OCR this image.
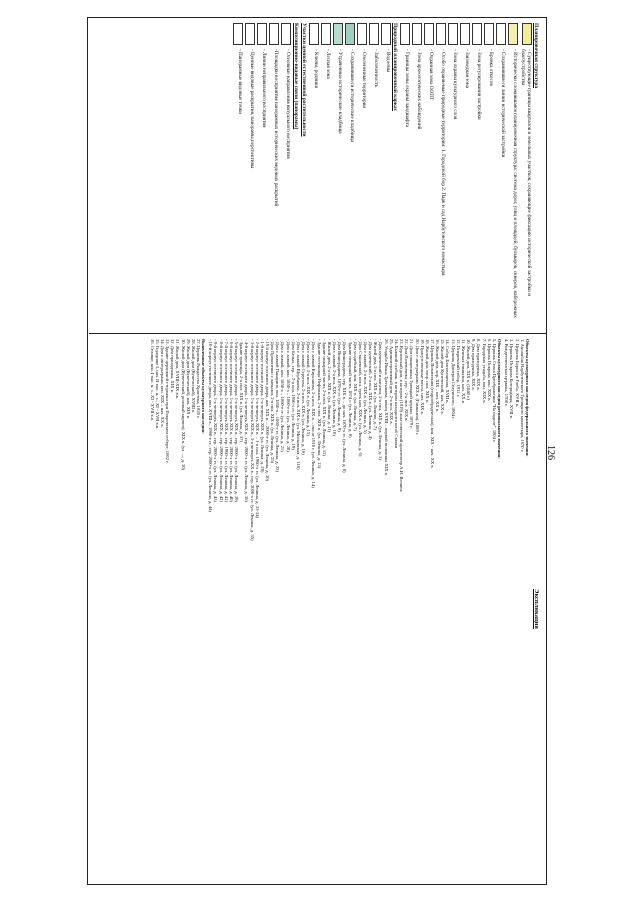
126
Планировочная структура
- Существующие границы кварталов и земельных участков, сохраняющие фиксацию исторической застройки и благоустройства
- Исторически сложившаяся планировочная структура: система дорог, улиц и площадей, бульваров, скверов, набережных
- Сохранившиеся линии исторической застройки
- Бровка откосов
- Зона регулирования застройки
- Заповедная зона
- Зона охраны культурного слоя
- Особо охраняемые природные территории: 1. Городской бор 2. Парк и сад Нарбутовского монастыря
- Охранная зона ООПТ
- Зона археологических наблюдений
- Границы зоны охраны ландшафта
Природный планировочный каркас
- Водоемы
- Заболоченность
- Озелененные территории
- Сохранившиеся исторические кладбища
- Утраченные исторические кладбища
- Лесная зона
- Ключи, родники
Участки ценной естественной растительности
Композиционно-видовые связи (панорамы)
- Основные направления визуального восприятия
-Площадки восприятия панорамных исторических видовых раскрытий
- Линии неправильного восприятия
- Ценные видовые раскрытия, панорамы,перспективы
- Панорамные видовые точки
Экспликация
Объекты культурного наследия федерального значения:
1. Ансамбль Нарбутовского Троицкого монастыря, 1670 г.
2. Церковь Бориса и Глеба, XVII в.
3. Церковь Покрова Богородицы, XVII в.
4. Рождественская церковь, 1708 г.
Объекты культурного наследия регионального значения:
5. Церковь Спаса Преображения "На подоле", 1804 г.
6. Церковь Покрова, кон. XIX в.
7. Городская усадьба, кон. XIX в.
8. Дом приходчика, XIX в.
9. Дом приходчика, XIX в.
10. Жилой дом, XIX в. (1840 г.)
11. Женская гимназия, нач. XX в.
12. Покровский собор, 1912 г.
13. Церковь Дмитрия Солунского, 1804 г.
14. Собор Благовещения, XVII в.
15. Жилой дом Купеческий, нач. XX в.
16. Жилой дом, кор. XIX – нач. XX в.
17. Церковь Вознесения (старообрядческая), кон. XIX - нач. XX в.
18. Жилой дом, втор. пол. XIX в.
19. Присутственные места, нач. XIX в.
20. Дом с интерьерами XIX в. (Гимназия), 1889 г.
21. Дом священника Троицкой церкви, 1879 г.
22. Дом Полевичика, сер. - 2-я пол. XIX в.
23. Курзовский дом, в котором (1919) жил советский архитектор А.И. Вознюк
24. Бывший особняк, в котором находился штаб Ставки
25. Административный дом, 2-я пол. XIX в.
26. Усадьба Ивана Третьякова, конец XVIII – первой половины XIX в.
- Дом купеческий и магазин, 2-я пол. XIX в. (ул. Ленина, д. 3)
- Жилой дом, 2-я пол. XIX в. (ул. Ленина, д. 7)
- Дом купеческий, 2-я пол. XIX в. (ул. Ленина, д. 4)
- Дом с лавкой, 2-я пол. XIX в. (ул. Ленина, д. 5)
- Дом Сташевской, посл. треть нач. XIX в. (ул. Ленина, д. 6)
- Дом усадебный, кон. XIX в. (ул. Ленина, д. 7)
- Здание пожарной части, 1874 г. (ул. Ленина, д. 8)
- Дом Виноградова, сер. XIX в. – до нач. 1870-х гг. (ул. Ленина, д. 8)
- Дом Виноградова, 1870-е гг. (ул. Ленина, д. 9)
- Дом с лавкой, 2-я пол. XIX в. (ул. Ленина, д. 10)
- Жилой дом, 2-я пол. XIX в. (ул. Ленина, д. 11)
- Здание пожарной части, 2-я пол. XIX в. (ул. Ленина, д. 12)
- Здание гостиницы Нефтянова, 2-я пол. XIX в. (ул. Ленина, д. 13)
- Дом с лавкой Кирсанова, 2-я пол. XIX в. – после 1910 г. (ул. Ленина, д. 14)
- Дом с лавкой, 2-я пол. XIX в. (ул. Ленина, д. 15)
- Дом с лавкой Стругова, 2-я пол. XIX в. (ул. Ленина, д. 16)
- Дом с лавкой Щербакова, 2-я пол. XIX в. (ул. Московская, д. 118)
- Дом Белых, сер. – 2-я пол. 1950-х гг. (ул. Ленина, д. 19)
- Дом с лавкой, кон. 1850-х – 1860-е гг. (ул. Ленина, д. 20)
- Дом с лавкой, кон. 1850-х – 1860-е гг. (ул. Ленина, д. 21)
- Дом с лавкой Панарина, кон. 1850-х – 1860-е гг. (ул. Ленина, д. 22)
- Дом Прокопенко с лавками, 2-я пол. XIX в. (ул. Ленина, д. 25)
- 19 й корпус гостиного двора, нач. XIX в. – 2000-е гг. (ул. Ленина, д. 30)
- 1-й корпус гостиного двора, 1-я четверть XIX в. (ул. Ленина, д. 29)
- 2-й корпус гостиного двора, 1-я четверть XIX в. – 1-я пол. 1960-х гг. (ул. Ленина, д. 33-34)
- 3-й корпус гостиного двора, 1-я четверть XIX в., 3-я четверть XX в., сер. 2000-х гг. (ул. Ленина, д. 35)
- 4-й корпус гостиного двора, 1-я четверть XIX в., сер. 2000-х гг. (ул. Ленина, д. 36)
- Здание трактира, 2-я пол. XIX в. (ул. Ленина, д. 37)
- 5-й корпус гостиного двора, 1-я четверть XIX в., сер. 2000-х гг. (ул. Ленина, д. 39)
- 6-й корпус гостиного двора, 1-я четверть XIX в., сер. 2000-х гг. (ул. Ленина, д. 40)
- 7-й корпус гостиного двора, 1-я четверть XIX в., сер. 1960-х гг. (ул. Ленина, д. 41)
- 8-й корпус гостиного двора, 1-я четверть XIX в., сер. 2000-х гг. (ул. Ленина, д. 42)
- 9-й корпус гостиного двора, 1-я четверть XIX в., сер. 2000-х гг. (ул. Ленина, д. 43)
- 10-й корпус гостиного двора, кон. XVIII в., 1960-е гг., сер. 2000-х гг. (ул. Ленина, д. 44)
Выявленные объекты культурного наследия:
27. Церковь Рождества Христова, 1820 г.
28. Жилой дом (Купеческий), XVIII в.
29. Жилой дом (Купеческий), нач. XIX в.
30. Жилой дом (Купеческий, розовый кирпич), XIX в. (ул. ..., д. 20)
31. Жилой дом, XVIII-XIX в.в.
32. Дом приходчика, XIX в.
33. Здание церковной сторожки при Покровском соборе, 1862 г.
34. Дом с интерьерами, кон. XIX – нач. XX в.
35. Городище I, нач. II тыс. н. э., XI - XVII в.в.
36. Селище, кон. I тыс. н. э., XI - XVII в.в.
